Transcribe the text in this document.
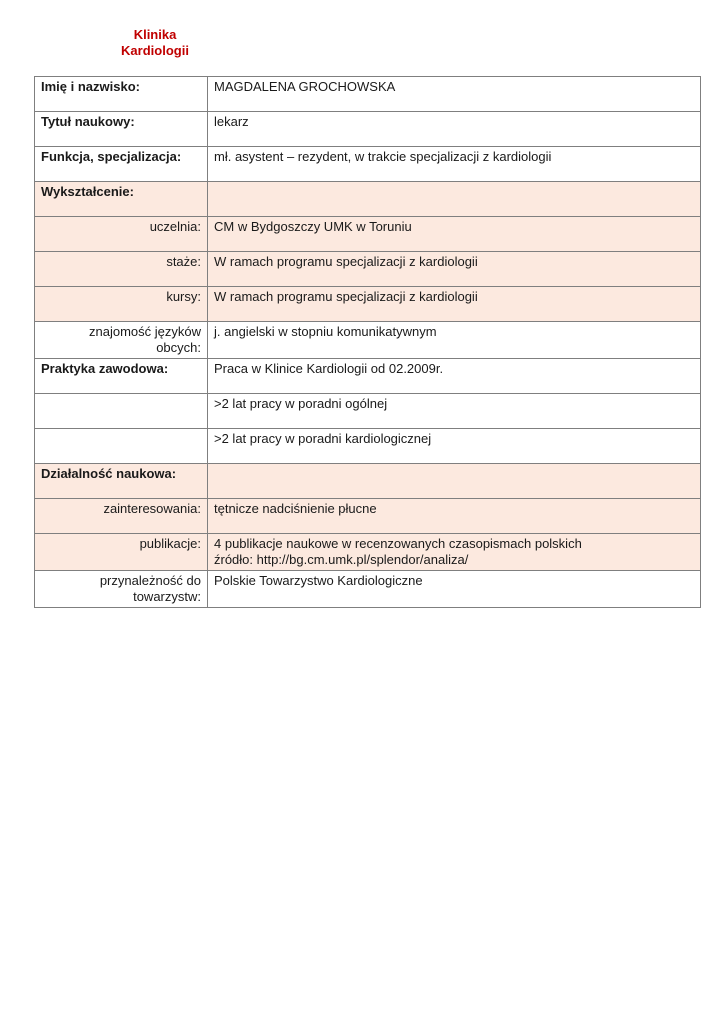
Klinika
Kardiologii
Imię i nazwisko:	MAGDALENA GROCHOWSKA
Tytuł naukowy:	lekarz
Funkcja, specjalizacja:	mł. asystent – rezydent, w trakcie specjalizacji z kardiologii
Wykształcenie:	
uczelnia:	CM w Bydgoszczy UMK w Toruniu
staże:	W ramach programu specjalizacji z kardiologii
kursy:	W ramach programu specjalizacji z kardiologii
znajomość języków obcych:	j. angielski w stopniu komunikatywnym
Praktyka zawodowa:	Praca w Klinice Kardiologii od 02.2009r.
	>2 lat pracy w poradni ogólnej
	>2 lat pracy w poradni kardiologicznej
Działalność naukowa:	
zainteresowania:	tętnicze nadciśnienie płucne
publikacje:	4 publikacje naukowe w recenzowanych czasopismach polskich
źródło: http://bg.cm.umk.pl/splendor/analiza/

przynależność do towarzystw:	Polskie Towarzystwo Kardiologiczne
